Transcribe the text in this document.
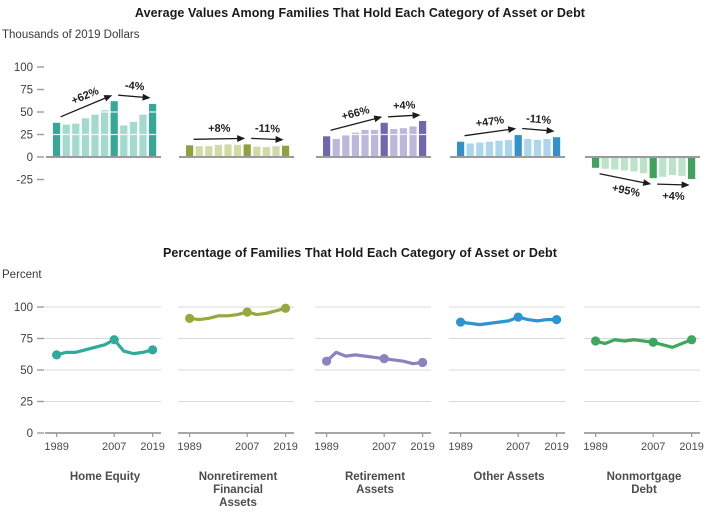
Average Values Among Families That Hold Each Category of Asset or Debt
Thousands of 2019 Dollars
100
75
50
25
0
-25
+62% -4%
+8% -11%
+66% +4%
+47% -11%
+95% +4%
Percentage of Families That Hold Each Category of Asset or Debt
Percent
100
75
50
25
0
1989	2007 2019
Home Equity
1989	2007 2019
Nonretirement
Financial
Assets
1989	2007 2019
Retirement
Assets
1989	2007 2019
Other Assets
1989	2007 2019
Nonmortgage
Debt
